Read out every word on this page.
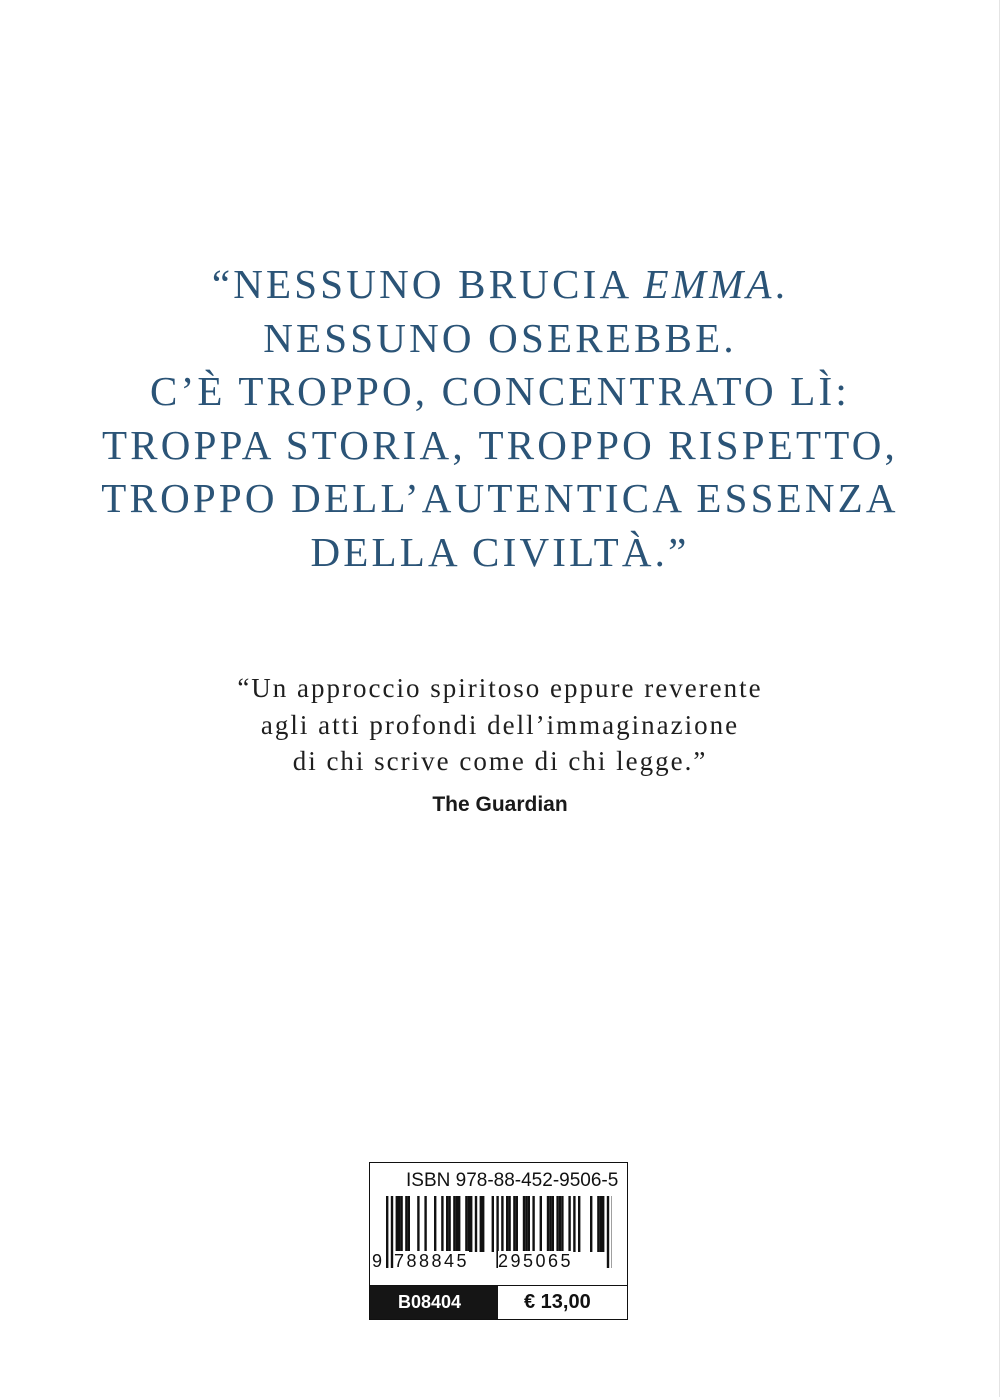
“NESSUNO BRUCIA EMMA.
NESSUNO OSEREBBE.
C’È TROPPO, CONCENTRATO LÌ:
TROPPA STORIA, TROPPO RISPETTO,
TROPPO DELL’AUTENTICA ESSENZA
DELLA CIVILTÀ.”
“Un approccio spiritoso eppure reverente
agli atti profondi dell’immaginazione
di chi scrive come di chi legge.”
The Guardian
ISBN 978-88-452-9506-5
9 788845 295065
B08404	€ 13,00
